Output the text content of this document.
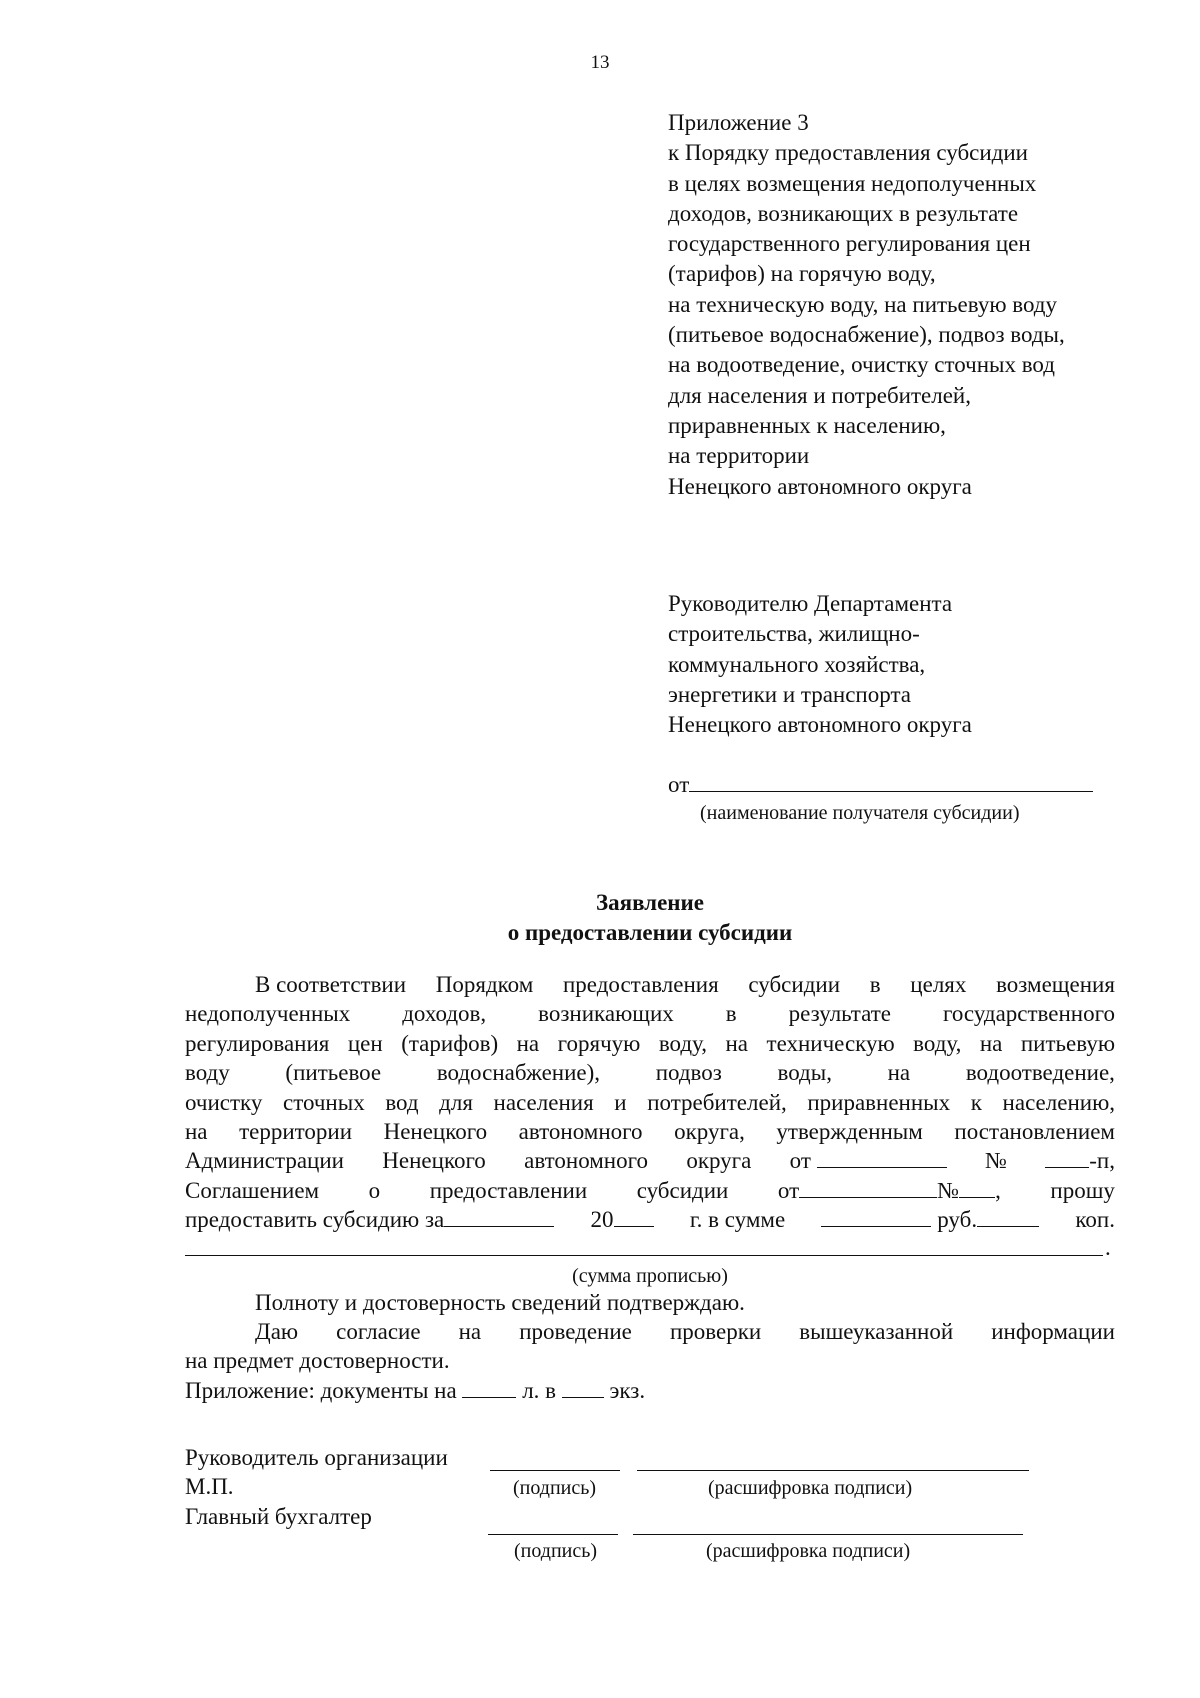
13
Приложение 3
к Порядку предоставления субсидии
в целях возмещения недополученных
доходов, возникающих в результате
государственного регулирования цен
(тарифов) на горячую воду,
на техническую воду, на питьевую воду
(питьевое водоснабжение), подвоз воды,
на водоотведение, очистку сточных вод
для населения и потребителей,
приравненных к населению,
на территории
Ненецкого автономного округа
Руководителю Департамента
строительства, жилищно-
коммунального хозяйства,
энергетики и транспорта
Ненецкого автономного округа
от
(наименование получателя субсидии)
Заявление
о предоставлении субсидии
В соответствии Порядком предоставления субсидии в целях возмещения
недополученных доходов, возникающих в результате государственного
регулирования цен (тарифов) на горячую воду, на техническую воду, на питьевую
воду (питьевое водоснабжение), подвоз воды, на водоотведение,
очистку сточных вод для населения и потребителей, приравненных к населению,
на территории Ненецкого автономного округа, утвержденным постановлением
Администрации Ненецкого автономного округа от	№	-п,
Соглашением о предоставлении субсидии от	№ , прошу
предоставить субсидию за	20	г. в сумме	руб.	коп.
.
(сумма прописью)
Полноту и достоверность сведений подтверждаю.
Даю согласие на проведение проверки вышеуказанной информации
на предмет достоверности.
Приложение: документы на	л. в экз.
Руководитель организации
М.П.	(подпись)	(расшифровка подписи)
Главный бухгалтер
(подпись)	(расшифровка подписи)
